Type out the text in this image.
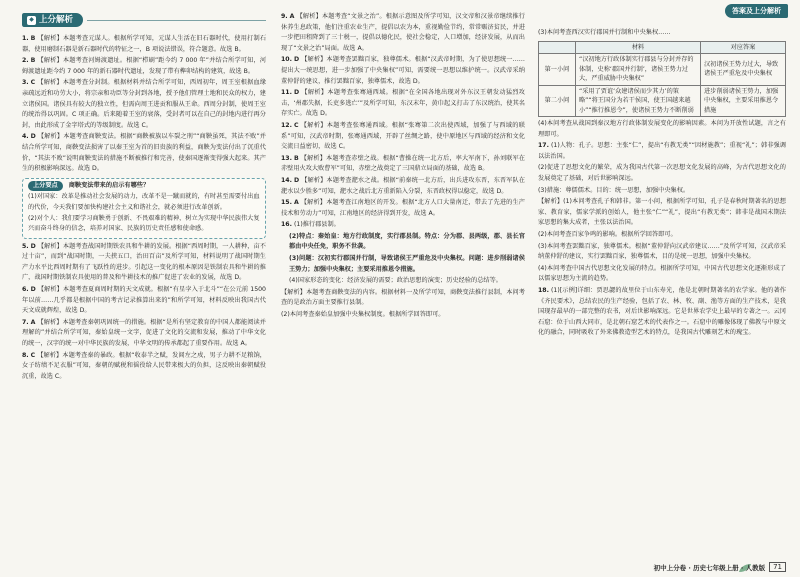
答案及上分解析
◆ 上分解析
1. B 【解析】本题考查元谋人。根据所学可知，元谋人生活在旧石器时代，使用打制石器，使用磨制石器是新石器时代的特征之一，B 项说法错误，符合题意。故选 B。
2. B 【解析】本题考查河姆渡遗址。根据“栉刷”距今约 7 000 年”并结合所学可知，河姆渡遗址距今约 7 000 年的新石器时代遗址，发现了带有榫卯结构的建筑，故选 B。
3. C 【解析】本题考查分封制。根据材料并结合所学可知，西周初年，周王室根据血缘亲疏远近和功劳大小，将宗亲和功臣等分封到各地，授予他们管理土地和民众的权力，建立诸侯国。诸侯具有较大的独立性，但需向周王进贡和服从王命。西周分封制，使周王室的统治得以巩固。C 项正确。后来随着王室的衰落，受封者可以在自己的封地内进行再分封，由此形成了金字塔式的等级制度。故选 C。
4. D 【解析】本题考查商鞅变法。根据“商鞅被族以车裂之刑”“商鞅虽死，其法不败”并结合所学可知，商鞅变法损害了以秦王室为首的旧贵族的利益，商鞅为变法付出了沉重代价，“其法不败”说明商鞅变法的措施不断被推行和完善，使秦国逐渐变得强大起来。其产生的积极影响深远。故选 D。
上分要点	商鞅变法带来的启示有哪些？

(1)对国家：改革是推动社会发展的动力，改革不是一蹴而就的，有时甚至需要付出血的代价，今天我们要加快构建社会主义和谐社会，就必须进行改革创新。

(2)对个人：我们要学习商鞅勇于创新、不畏艰难的精神，树立为实现中华民族伟大复兴而奋斗终身的信念，培养对国家、民族的历史责任感和使命感。

5. D 【解析】本题考查战国时期铁农具和牛耕的发展。根据“西周时期，一人耕种，亩不过十亩”，而到“战国时期，一夫挟五口，治田百亩”及所学可知，材料说明了战国时期生产力水平比西周时期有了飞跃性的进步。引起这一变化的根本原因是铁制农具和牛耕的推广，战国时期铁制农具使用的普及和牛耕技术的推广促进了农业的发展，故选 D。
6. D 【解析】本题考查夏商周时期的天文成就。根据“有星孛入于北斗”“在公元前 1500 年以前……几乎都是根据中国的考古记录推算出来的”和所学可知，材料反映出我国古代天文成就辉煌，故选 D。
7. A 【解析】本题考查秦朝巩固统一的措施。根据“是所有坚定教育的中国人都能阅读并理解的”并结合所学可知，秦始皇统一文字，促进了文化的交流和发展，推动了中华文化的统一，汉字的统一对中华民族的发展，中华文明的传承都起了重要作用。故选 A。
8. C 【解析】本题考查秦的暴政。根据“收泰半之赋，发闾左之戍，男子力耕不足粮饷，女子纺绩不足衣服”可知，秦朝的赋税和徭役给人民带来极大的负担，这反映出秦朝赋役沉重，故选 C。
9. A 【解析】本题考查“文景之治”。根据示意图及所学可知，汉文帝和汉景帝继续推行休养生息政策，他们注重农业生产，提倡以农为本，重视勤俭节约，常常赈济贫民，并进一步把田租降到了三十税一，提倡以德化民，使社会稳定，人口增加，经济发展，从而出现了“文景之治”局面。故选 A。
10. D 【解析】本题考查罢黜百家，独尊儒术。根据“汉武帝时期，为了使思想统一……提出大一统思想，进一步加强了中央集权”可知，需要统一思想以维护统一。汉武帝采纳董仲舒的建议，推行罢黜百家，独尊儒术，故选 D。
11. D 【解析】本题考查张骞通西域。根据“在全国各地出现对外东汉王朝发动猛烈攻击，‘州郡失据，长吏多逃亡’”及所学可知，东汉末年，黄巾起义打击了东汉统治，使其名存实亡。故选 D。
12. C 【解析】本题考查张骞通西域。根据“张骞第二次出使西域，加强了与西域的联系”可知，汉武帝时期，张骞通西域，开辟了丝绸之路，使中原地区与西域的经济和文化交流日益密切，故选 C。
13. B 【解析】本题考查赤壁之战。根据“曹操在统一北方后，率大军南下，孙刘联军在赤壁用火攻大败曹军”可知，赤壁之战奠定了三国鼎立局面的基础，故选 B。
14. D 【解析】本题考查淝水之战。根据“前秦统一北方后，出兵进攻东晋，东晋军队在淝水以少胜多”可知，淝水之战后北方重新陷入分裂，东晋政权得以稳定，故选 D。
15. A 【解析】本题考查江南地区的开发。根据“北方人口大量南迁，带去了先进的生产技术和劳动力”可知，江南地区的经济得到开发，故选 A。
16. (1)推行郡县制。
(2)特点：秦始皇：地方行政制度，实行郡县制。特点：分为郡、县两级，郡、县长官都由中央任免，职务不世袭。
(3)问题：汉初实行郡国并行制，导致诸侯王严重危及中央集权。问题：进步削弱诸侯王势力；加强中央集权；主要采用推恩令措施。
(4)国家形态的变化：经济发展的需要；政治思想的演变；历史经验的总结等。
【解析】本题考查商鞅变法的内容。根据材料一及所学可知，商鞅变法推行县制，本问考查的是政治方面主要推行县制。
(2)本问考查秦始皇加强中央集权制度。根据所学回答即可。
(3)本问考查西汉实行郡国并行制和中央集权……
	材料	对应答案
第一小问	“汉初地方行政体制实行郡县与分封并存的体制，史称‘郡国并行制’，诸侯王势力过大，严重威胁中央集权”	汉初诸侯王势力过大，导致诸侯王严重危及中央集权
第二小问	“采用了贾谊‘众建诸侯而少其力’的策略”“将王国分为若干侯国，使王国越来越小”“推行推恩令”，使诸侯王势力不断削弱	进步削弱诸侯王势力，加强中央集权，主要采用推恩令措施
(4)本问考查从战国到秦汉地方行政体制发展变化的影响因素。本问为开放性试题，言之有理即可。
17. (1)人物：孔子。思想：主张“仁”，提出“有教无类”“因材施教”；重视“礼”；韩非强调以法治国。
(2)促进了思想文化的繁荣，成为我国古代第一次思想文化发展的高峰，为古代思想文化的发展奠定了基础，对后世影响深远。
(3)措施：尊儒儒术。目的：统一思想，加强中央集权。
【解析】(1)本问考查孔子和韩非。第一小问，根据所学可知，孔子是春秋时期著名的思想家、教育家，儒家学派的创始人，他主张“仁”“礼”，提出“有教无类”；韩非是战国末期法家思想的集大成者，主张以法治国。
(2)本问考查百家争鸣的影响。根据所学回答即可。
(3)本问考查罢黜百家，独尊儒术。根据“董仲舒向汉武帝建议……”及所学可知，汉武帝采纳董仲舒的建议，实行罢黜百家，独尊儒术，目的是统一思想，加强中央集权。
(4)本问考查中国古代思想文化发展的特点。根据所学可知，中国古代思想文化逐渐形成了以儒家思想为主流的趋势。
18. (1)[示例]详细：贾思勰的故里位于山东寿光，他是北朝时期著名的农学家。他的著作《齐民要术》，总结农民的生产经验，包括了农、林、牧、副、渔等方面的生产技术，是我国现存最早的一部完整的农书，对后世影响深远。它是世界农学史上最早的专著之一。云冈石窟：位于山西大同市，是北朝石窟艺术的代表作之一。石窟中的雕像体现了佛教与中原文化的融合，同时吸收了外来佛教造型艺术的特点，是我国古代雕刻艺术的瑰宝。
初中上分卷 · 历史七年级上册 · 人教版	71
